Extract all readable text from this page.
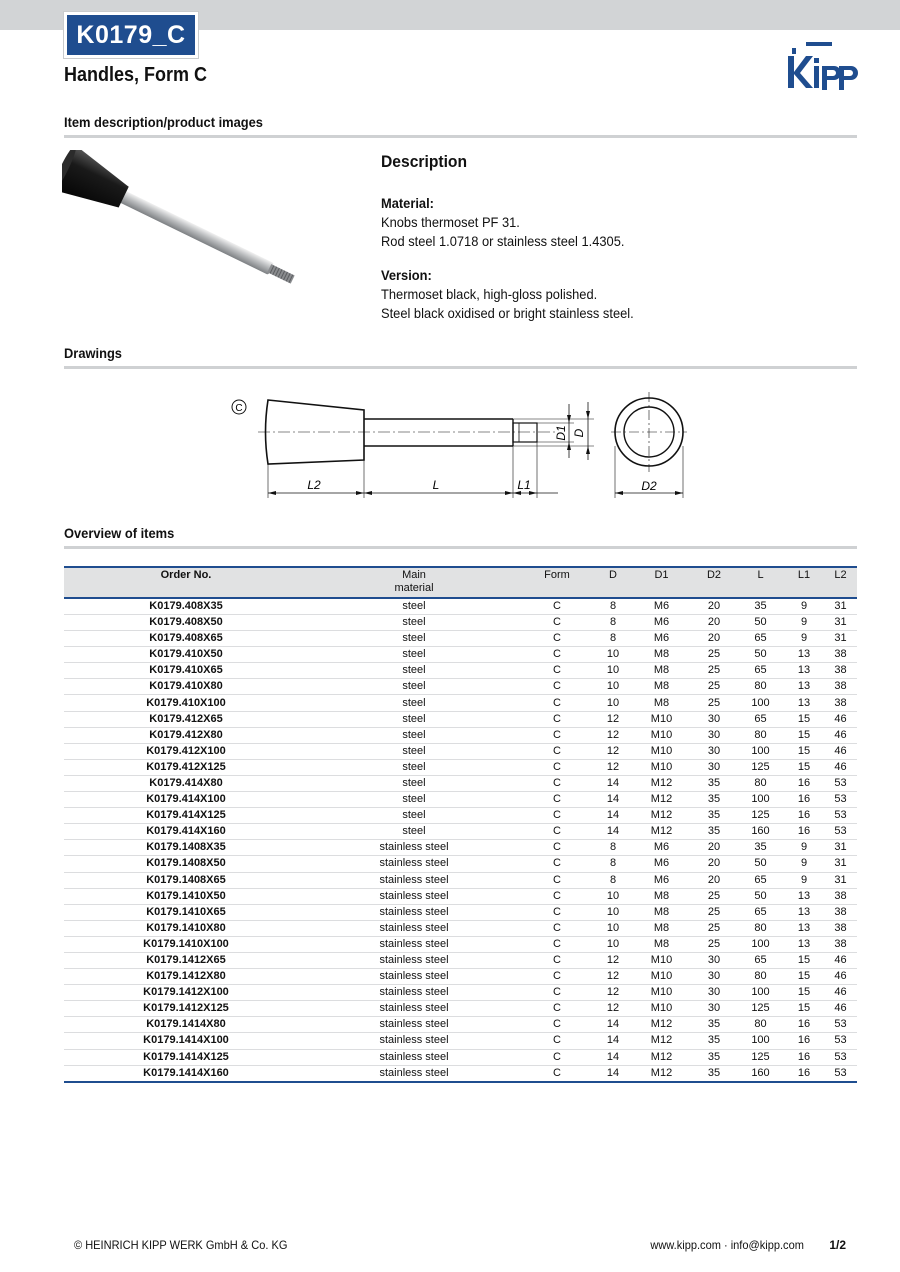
K0179_C
Handles, Form C
Item description/product images
Description
Material:
Knobs thermoset PF 31.
Rod steel 1.0718 or stainless steel 1.4305.
Version:
Thermoset black, high-gloss polished.
Steel black oxidised or bright stainless steel.
Drawings
C
L2	L	L1
D1 D
D2
Overview of items
Order No.	Main material	Form	D	D1	D2	L	L1	L2
K0179.408X35	steel	C	8	M6	20	35	9	31
K0179.408X50	steel	C	8	M6	20	50	9	31
K0179.408X65	steel	C	8	M6	20	65	9	31
K0179.410X50	steel	C	10	M8	25	50	13	38
K0179.410X65	steel	C	10	M8	25	65	13	38
K0179.410X80	steel	C	10	M8	25	80	13	38
K0179.410X100	steel	C	10	M8	25	100	13	38
K0179.412X65	steel	C	12	M10	30	65	15	46
K0179.412X80	steel	C	12	M10	30	80	15	46
K0179.412X100	steel	C	12	M10	30	100	15	46
K0179.412X125	steel	C	12	M10	30	125	15	46
K0179.414X80	steel	C	14	M12	35	80	16	53
K0179.414X100	steel	C	14	M12	35	100	16	53
K0179.414X125	steel	C	14	M12	35	125	16	53
K0179.414X160	steel	C	14	M12	35	160	16	53
K0179.1408X35	stainless steel	C	8	M6	20	35	9	31
K0179.1408X50	stainless steel	C	8	M6	20	50	9	31
K0179.1408X65	stainless steel	C	8	M6	20	65	9	31
K0179.1410X50	stainless steel	C	10	M8	25	50	13	38
K0179.1410X65	stainless steel	C	10	M8	25	65	13	38
K0179.1410X80	stainless steel	C	10	M8	25	80	13	38
K0179.1410X100	stainless steel	C	10	M8	25	100	13	38
K0179.1412X65	stainless steel	C	12	M10	30	65	15	46
K0179.1412X80	stainless steel	C	12	M10	30	80	15	46
K0179.1412X100	stainless steel	C	12	M10	30	100	15	46
K0179.1412X125	stainless steel	C	12	M10	30	125	15	46
K0179.1414X80	stainless steel	C	14	M12	35	80	16	53
K0179.1414X100	stainless steel	C	14	M12	35	100	16	53
K0179.1414X125	stainless steel	C	14	M12	35	125	16	53
K0179.1414X160	stainless steel	C	14	M12	35	160	16	53
© HEINRICH KIPP WERK GmbH & Co. KG	www.kipp.com · info@kipp.com 1/2
